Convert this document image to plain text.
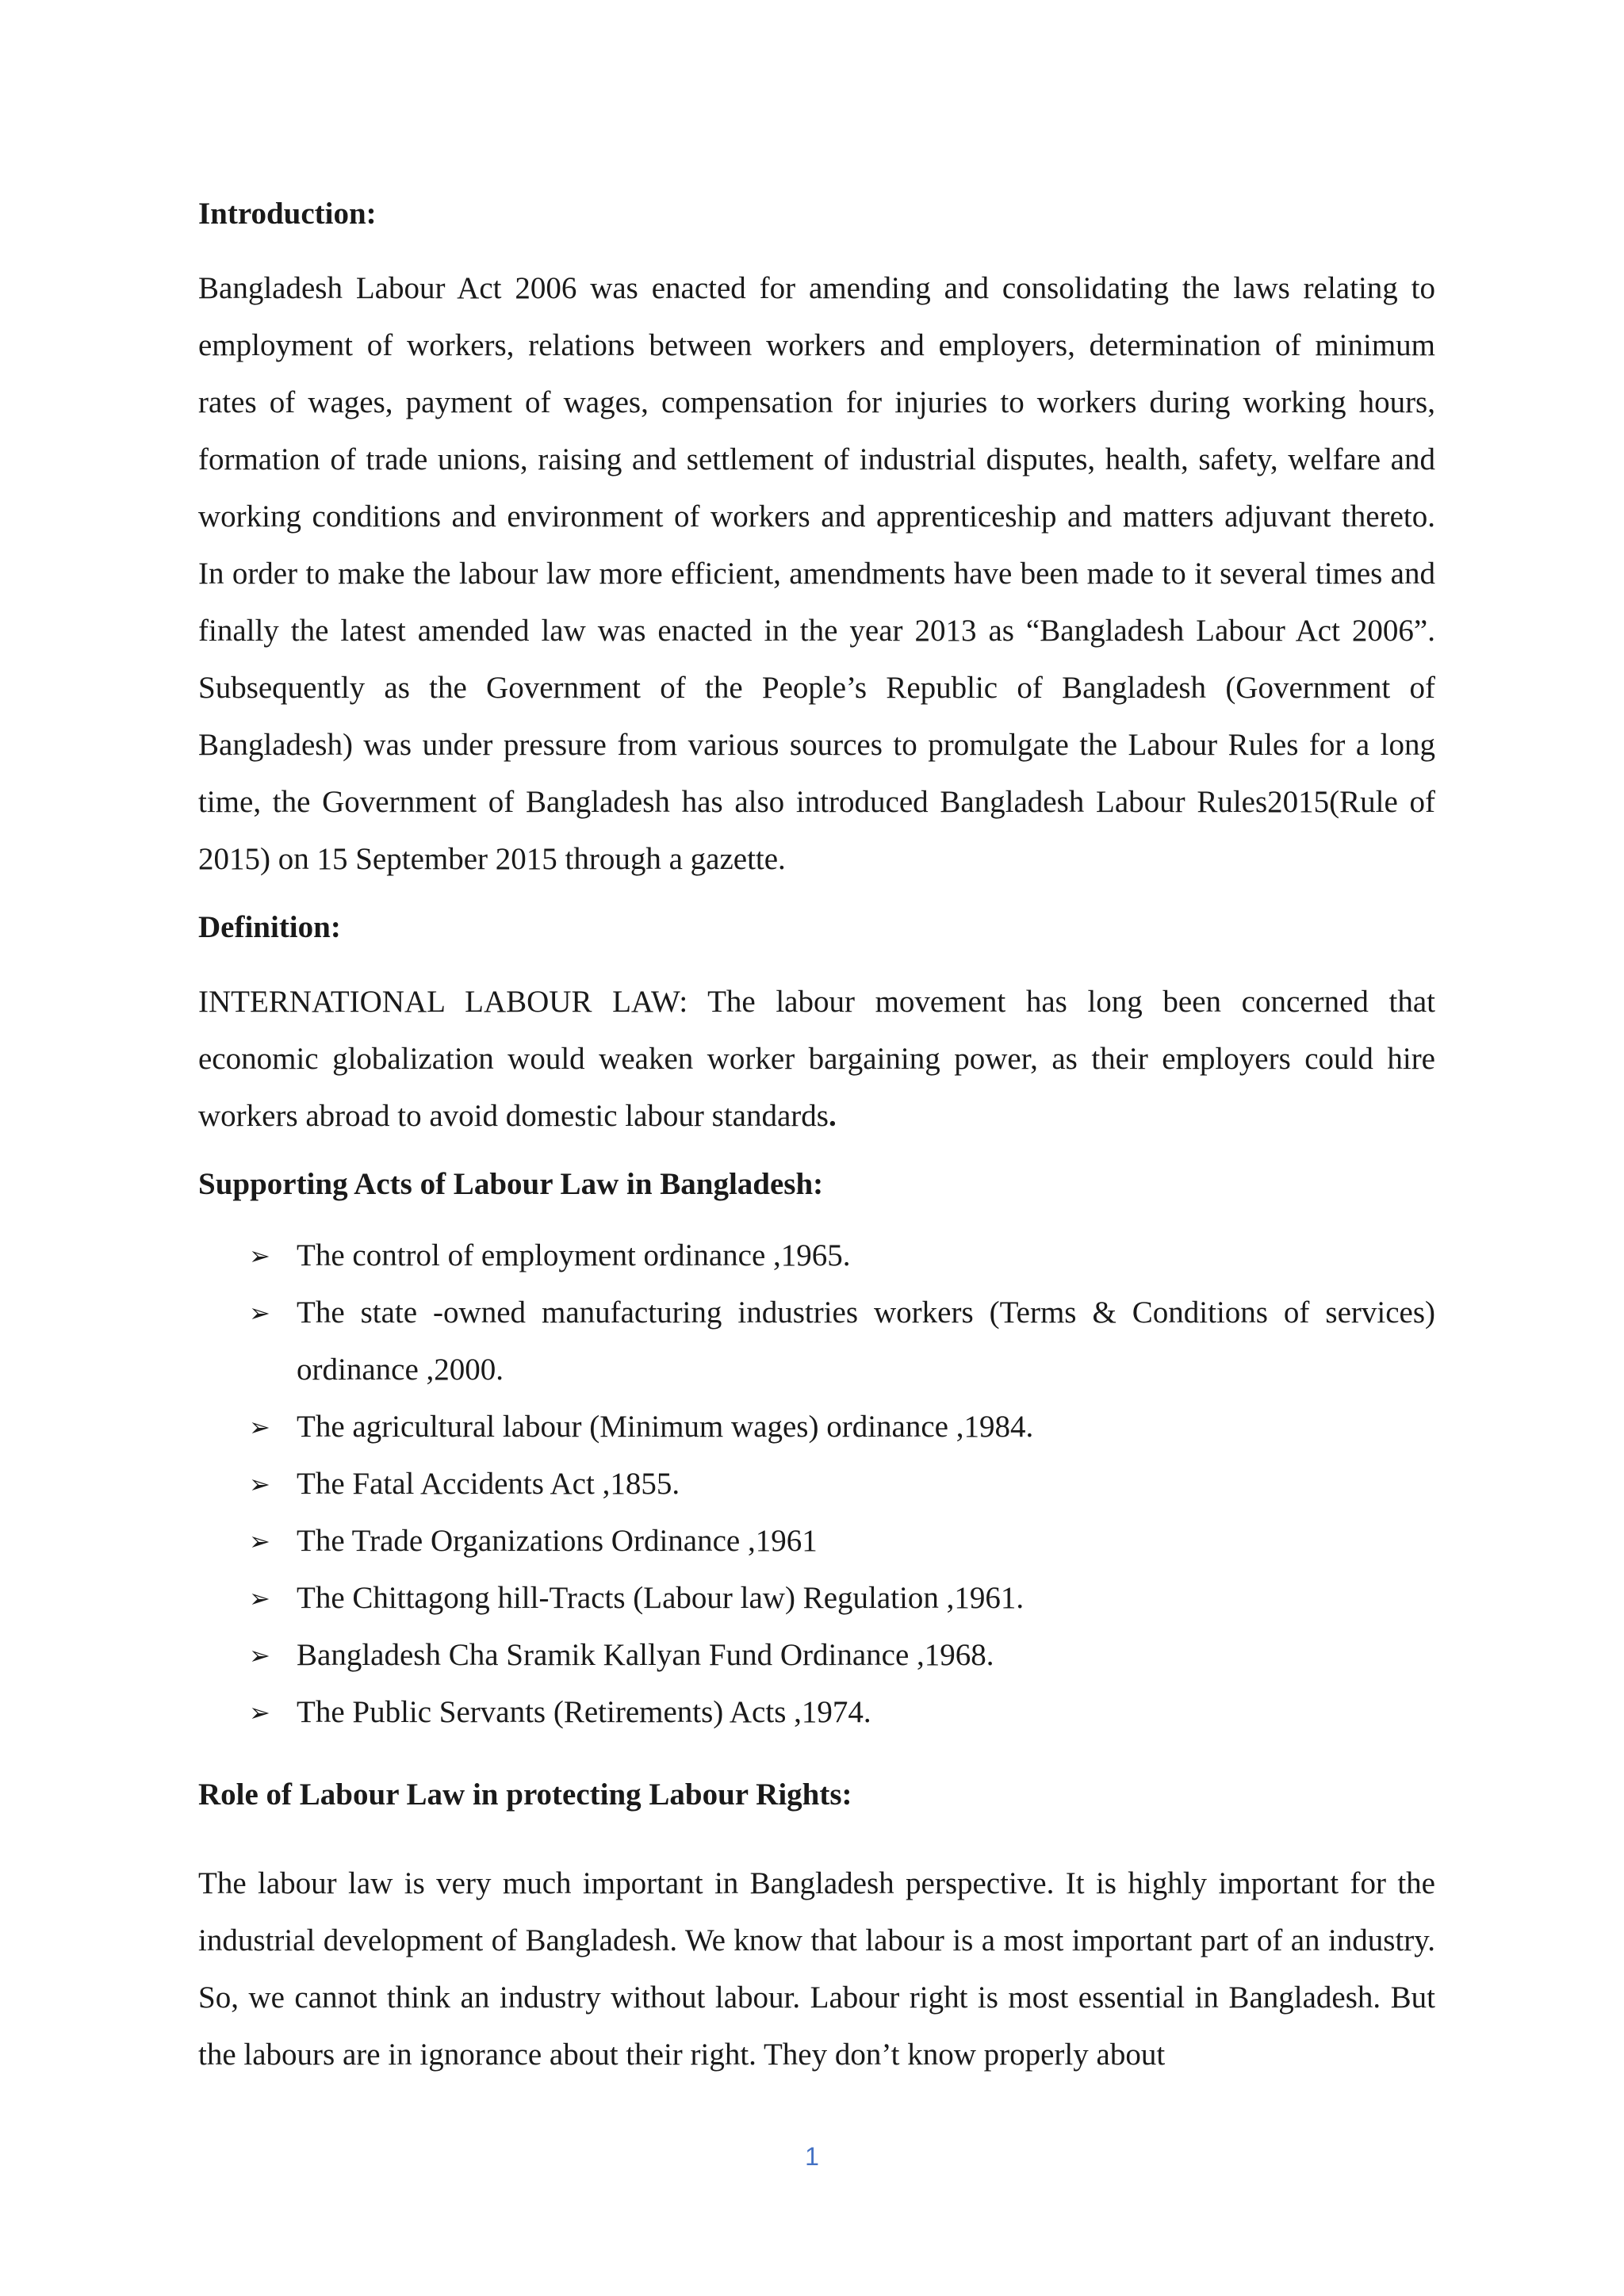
Introduction:

Bangladesh Labour Act 2006 was enacted for amending and consolidating the laws relating to employment of workers, relations between workers and employers, determination of minimum rates of wages, payment of wages, compensation for injuries to workers during working hours, formation of trade unions, raising and settlement of industrial disputes, health, safety, welfare and working conditions and environment of workers and apprenticeship and matters adjuvant thereto. In order to make the labour law more efficient, amendments have been made to it several times and finally the latest amended law was enacted in the year 2013 as “Bangladesh Labour Act 2006”. Subsequently as the Government of the People’s Republic of Bangladesh (Government of Bangladesh) was under pressure from various sources to promulgate the Labour Rules for a long time, the Government of Bangladesh has also introduced Bangladesh Labour Rules2015(Rule of 2015) on 15 September 2015 through a gazette.

Definition:

INTERNATIONAL LABOUR LAW: The labour movement has long been concerned that economic globalization would weaken worker bargaining power, as their employers could hire workers abroad to avoid domestic labour standards.

Supporting Acts of Labour Law in Bangladesh:
➢ The control of employment ordinance ,1965.
➢ The state -owned manufacturing industries workers (Terms & Conditions of services) ordinance ,2000.
➢ The agricultural labour (Minimum wages) ordinance ,1984.
➢ The Fatal Accidents Act ,1855.
➢ The Trade Organizations Ordinance ,1961
➢ The Chittagong hill-Tracts (Labour law) Regulation ,1961.
➢ Bangladesh Cha Sramik Kallyan Fund Ordinance ,1968.
➢ The Public Servants (Retirements) Acts ,1974.
Role of Labour Law in protecting Labour Rights:

The labour law is very much important in Bangladesh perspective. It is highly important for the industrial development of Bangladesh. We know that labour is a most important part of an industry. So, we cannot think an industry without labour. Labour right is most essential in Bangladesh. But the labours are in ignorance about their right. They don’t know properly about

1
